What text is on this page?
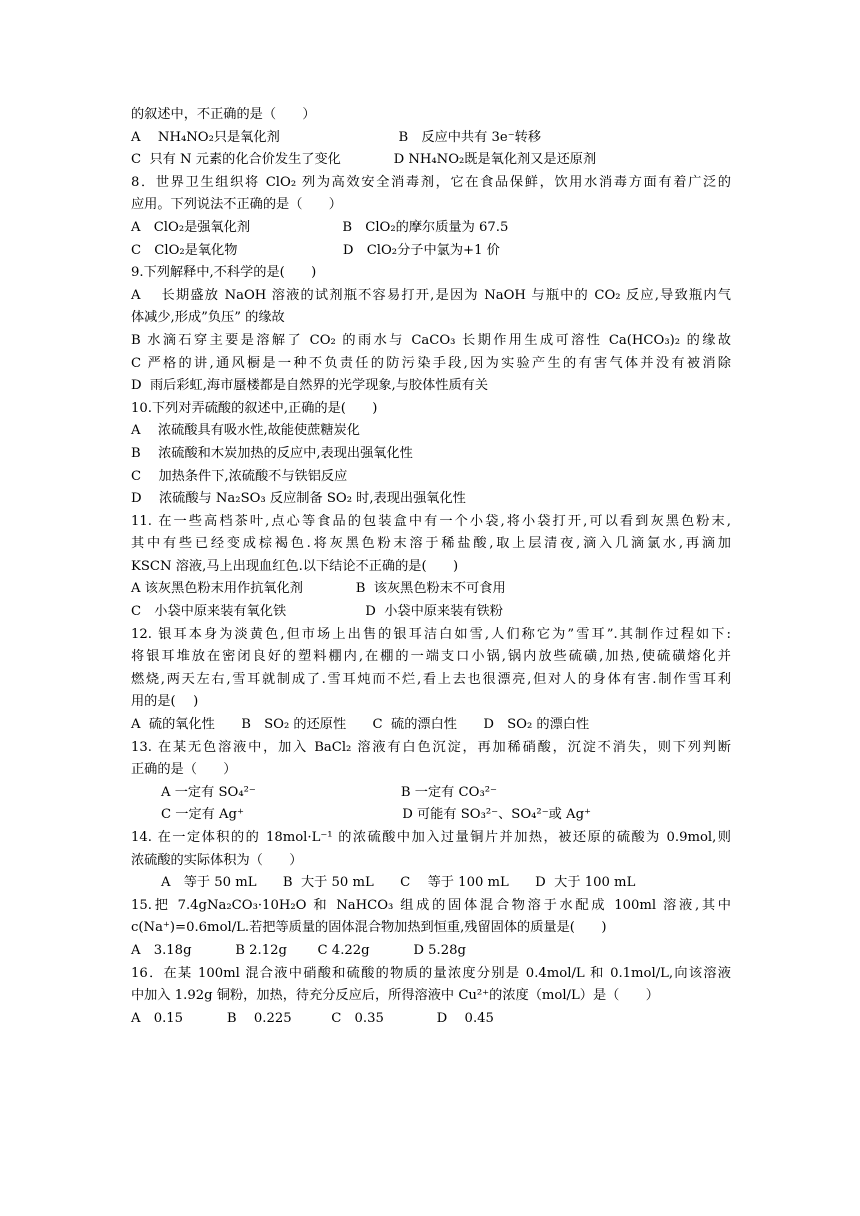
的叙述中，不正确的是（　　）
A　 NH₄NO₂只是氧化剂　　　　　　　　　B　反应中共有 3e⁻转移
C  只有 N 元素的化合价发生了变化　　　　D NH₄NO₂既是氧化剂又是还原剂
8．世界卫生组织将 ClO₂ 列为高效安全消毒剂，它在食品保鲜，饮用水消毒方面有着广泛的
应用。下列说法不正确的是（　　）
A　ClO₂是强氧化剂　　　　　　　B　ClO₂的摩尔质量为 67.5
C　ClO₂是氧化物　　　　　　　　D　ClO₂分子中氯为+1 价
9.下列解释中,不科学的是(　　)
A　 长期盛放 NaOH 溶液的试剂瓶不容易打开,是因为 NaOH 与瓶中的 CO₂ 反应,导致瓶内气
体减少,形成”负压” 的缘故
B 水滴石穿主要是溶解了 CO₂ 的雨水与 CaCO₃ 长期作用生成可溶性 Ca(HCO₃)₂ 的缘故
C 严格的讲,通风橱是一种不负责任的防污染手段,因为实验产生的有害气体并没有被消除
D  雨后彩虹,海市蜃楼都是自然界的光学现象,与胶体性质有关
10.下列对弄硫酸的叙述中,正确的是(　　)
A　 浓硫酸具有吸水性,故能使蔗糖炭化
B　 浓硫酸和木炭加热的反应中,表现出强氧化性
C　 加热条件下,浓硫酸不与铁铝反应
D　 浓硫酸与 Na₂SO₃ 反应制备 SO₂ 时,表现出强氧化性
11. 在一些高档茶叶,点心等食品的包装盒中有一个小袋,将小袋打开,可以看到灰黑色粉末,
其中有些已经变成棕褐色.将灰黑色粉末溶于稀盐酸,取上层清夜,滴入几滴氯水,再滴加
KSCN 溶液,马上出现血红色.以下结论不正确的是(　　)
A 该灰黑色粉末用作抗氧化剂　　　　B  该灰黑色粉末不可食用
C　小袋中原来装有氧化铁　　　　　　D  小袋中原来装有铁粉
12. 银耳本身为淡黄色,但市场上出售的银耳洁白如雪,人们称它为”雪耳”.其制作过程如下:
将银耳堆放在密闭良好的塑料棚内,在棚的一端支口小锅,锅内放些硫磺,加热,使硫磺熔化并
燃烧,两天左右,雪耳就制成了.雪耳炖而不烂,看上去也很漂亮,但对人的身体有害.制作雪耳利
用的是(　 )
A  硫的氧化性　　B　SO₂ 的还原性　　C  硫的漂白性　　D　SO₂ 的漂白性
13. 在某无色溶液中，加入 BaCl₂ 溶液有白色沉淀，再加稀硝酸，沉淀不消失，则下列判断
正确的是（　　）
A 一定有 SO₄²⁻　　　　　　　　　　　B 一定有 CO₃²⁻
C 一定有 Ag⁺　　　　　　　　　　　　D 可能有 SO₃²⁻、SO₄²⁻或 Ag⁺
14. 在一定体积的的 18mol·L⁻¹ 的浓硫酸中加入过量铜片并加热，被还原的硫酸为 0.9mol,则
浓硫酸的实际体积为（　　）
A　等于 50 mL　　B  大于 50 mL　　C　 等于 100 mL　　D  大于 100 mL
15.把 7.4gNa₂CO₃·10H₂O 和 NaHCO₃ 组成的固体混合物溶于水配成 100ml 溶液,其中
c(Na⁺)=0.6mol/L.若把等质量的固体混合物加热到恒重,残留固体的质量是(　　)
A　3.18g　　　 B 2.12g　　 C 4.22g　　　 D 5.28g
16．在某 100ml 混合液中硝酸和硫酸的物质的量浓度分别是 0.4mol/L 和 0.1mol/L,向该溶液
中加入 1.92g 铜粉，加热，待充分反应后，所得溶液中 Cu²⁺的浓度（mol/L）是（　　）
A　0.15　　　 B　 0.225　　　C　0.35　　　　D　 0.45
